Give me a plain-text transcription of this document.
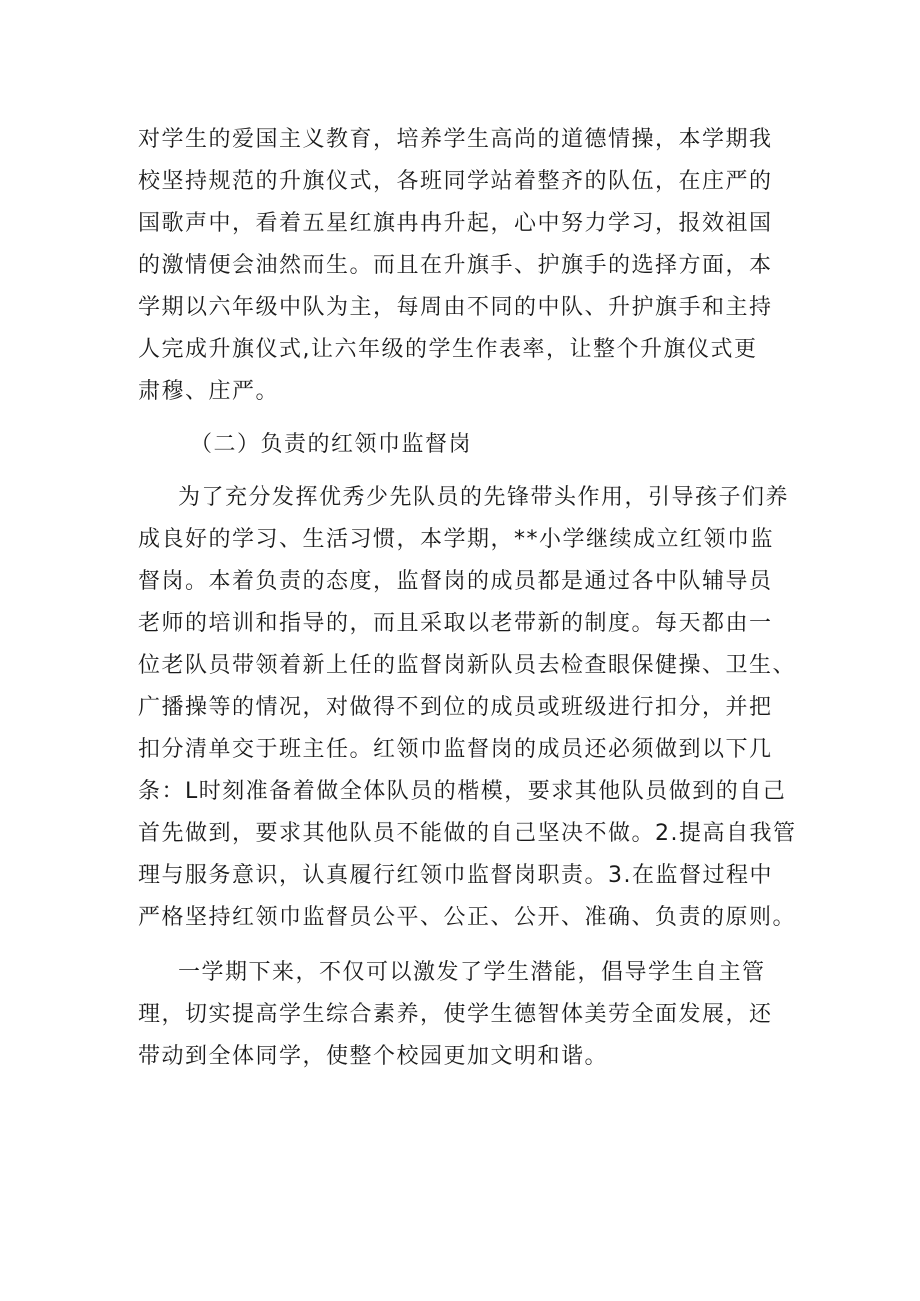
对学生的爱国主义教育，培养学生高尚的道德情操，本学期我
校坚持规范的升旗仪式，各班同学站着整齐的队伍，在庄严的
国歌声中，看着五星红旗冉冉升起，心中努力学习，报效祖国
的激情便会油然而生。而且在升旗手、护旗手的选择方面，本
学期以六年级中队为主，每周由不同的中队、升护旗手和主持
人完成升旗仪式,让六年级的学生作表率，让整个升旗仪式更
肃穆、庄严。
（二）负责的红领巾监督岗
为了充分发挥优秀少先队员的先锋带头作用，引导孩子们养
成良好的学习、生活习惯，本学期，**小学继续成立红领巾监
督岗。本着负责的态度，监督岗的成员都是通过各中队辅导员
老师的培训和指导的，而且采取以老带新的制度。每天都由一
位老队员带领着新上任的监督岗新队员去检查眼保健操、卫生、
广播操等的情况，对做得不到位的成员或班级进行扣分，并把
扣分清单交于班主任。红领巾监督岗的成员还必须做到以下几
条：L时刻准备着做全体队员的楷模，要求其他队员做到的自己
首先做到，要求其他队员不能做的自己坚决不做。2.提高自我管
理与服务意识，认真履行红领巾监督岗职责。3.在监督过程中
严格坚持红领巾监督员公平、公正、公开、准确、负责的原则。
一学期下来，不仅可以激发了学生潜能，倡导学生自主管
理，切实提高学生综合素养，使学生德智体美劳全面发展，还
带动到全体同学，使整个校园更加文明和谐。
